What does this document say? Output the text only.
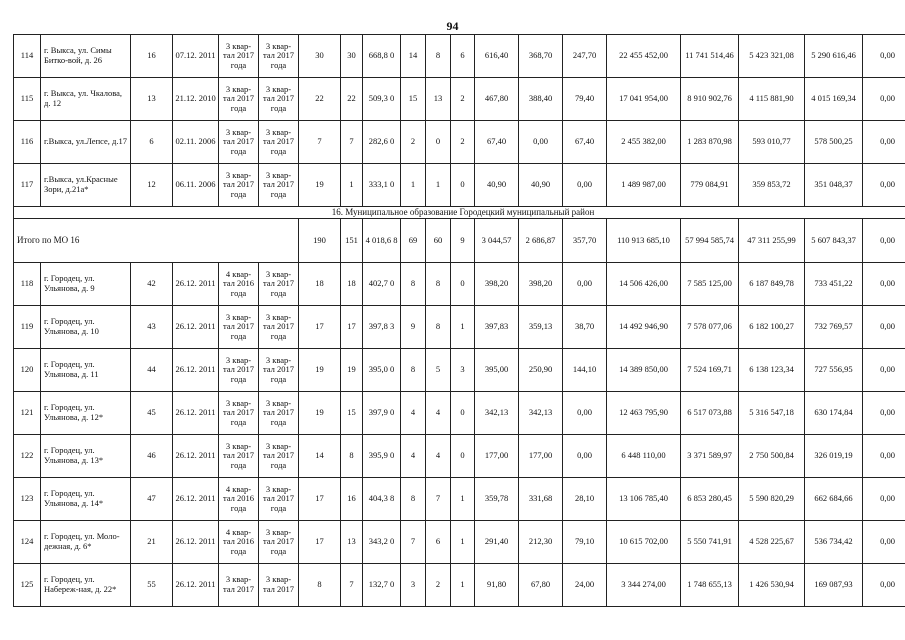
94
114	г. Выкса, ул. Симы Битко-вой, д. 26	16	07.12. 2011	3 квар-тал 2017 года	3 квар-тал 2017 года	30	30	668,8 0	14	8	6	616,40	368,70	247,70	22 455 452,00	11 741 514,46	5 423 321,08	5 290 616,46	0,00
115	г. Выкса, ул. Чкалова, д. 12	13	21.12. 2010	3 квар-тал 2017 года	3 квар-тал 2017 года	22	22	509,3 0	15	13	2	467,80	388,40	79,40	17 041 954,00	8 910 902,76	4 115 881,90	4 015 169,34	0,00
116	г.Выкса, ул.Лепсе, д.17	6	02.11. 2006	3 квар-тал 2017 года	3 квар-тал 2017 года	7	7	282,6 0	2	0	2	67,40	0,00	67,40	2 455 382,00	1 283 870,98	593 010,77	578 500,25	0,00
117	г.Выкса, ул.Красные Зори, д.21а*	12	06.11. 2006	3 квар-тал 2017 года	3 квар-тал 2017 года	19	1	333,1 0	1	1	0	40,90	40,90	0,00	1 489 987,00	779 084,91	359 853,72	351 048,37	0,00
16. Муниципальное образование Городецкий муниципальный район																			
Итого по МО 16						190	151	4 018,6 8	69	60	9	3 044,57	2 686,87	357,70	110 913 685,10	57 994 585,74	47 311 255,99	5 607 843,37	0,00
118	г. Городец, ул. Ульянова, д. 9	42	26.12. 2011	4 квар-тал 2016 года	3 квар-тал 2017 года	18	18	402,7 0	8	8	0	398,20	398,20	0,00	14 506 426,00	7 585 125,00	6 187 849,78	733 451,22	0,00
119	г. Городец, ул. Ульянова, д. 10	43	26.12. 2011	3 квар-тал 2017 года	3 квар-тал 2017 года	17	17	397,8 3	9	8	1	397,83	359,13	38,70	14 492 946,90	7 578 077,06	6 182 100,27	732 769,57	0,00
120	г. Городец, ул. Ульянова, д. 11	44	26.12. 2011	3 квар-тал 2017 года	3 квар-тал 2017 года	19	19	395,0 0	8	5	3	395,00	250,90	144,10	14 389 850,00	7 524 169,71	6 138 123,34	727 556,95	0,00
121	г. Городец, ул. Ульянова, д. 12*	45	26.12. 2011	3 квар-тал 2017 года	3 квар-тал 2017 года	19	15	397,9 0	4	4	0	342,13	342,13	0,00	12 463 795,90	6 517 073,88	5 316 547,18	630 174,84	0,00
122	г. Городец, ул. Ульянова, д. 13*	46	26.12. 2011	3 квар-тал 2017 года	3 квар-тал 2017 года	14	8	395,9 0	4	4	0	177,00	177,00	0,00	6 448 110,00	3 371 589,97	2 750 500,84	326 019,19	0,00
123	г. Городец, ул. Ульянова, д. 14*	47	26.12. 2011	4 квар-тал 2016 года	3 квар-тал 2017 года	17	16	404,3 8	8	7	1	359,78	331,68	28,10	13 106 785,40	6 853 280,45	5 590 820,29	662 684,66	0,00
124	г. Городец, ул. Моло-дежная, д. 6*	21	26.12. 2011	4 квар-тал 2016 года	3 квар-тал 2017 года	17	13	343,2 0	7	6	1	291,40	212,30	79,10	10 615 702,00	5 550 741,91	4 528 225,67	536 734,42	0,00
125	г. Городец, ул. Набереж-ная, д. 22*	55	26.12. 2011	3 квар-тал 2017	3 квар-тал 2017	8	7	132,7 0	3	2	1	91,80	67,80	24,00	3 344 274,00	1 748 655,13	1 426 530,94	169 087,93	0,00
